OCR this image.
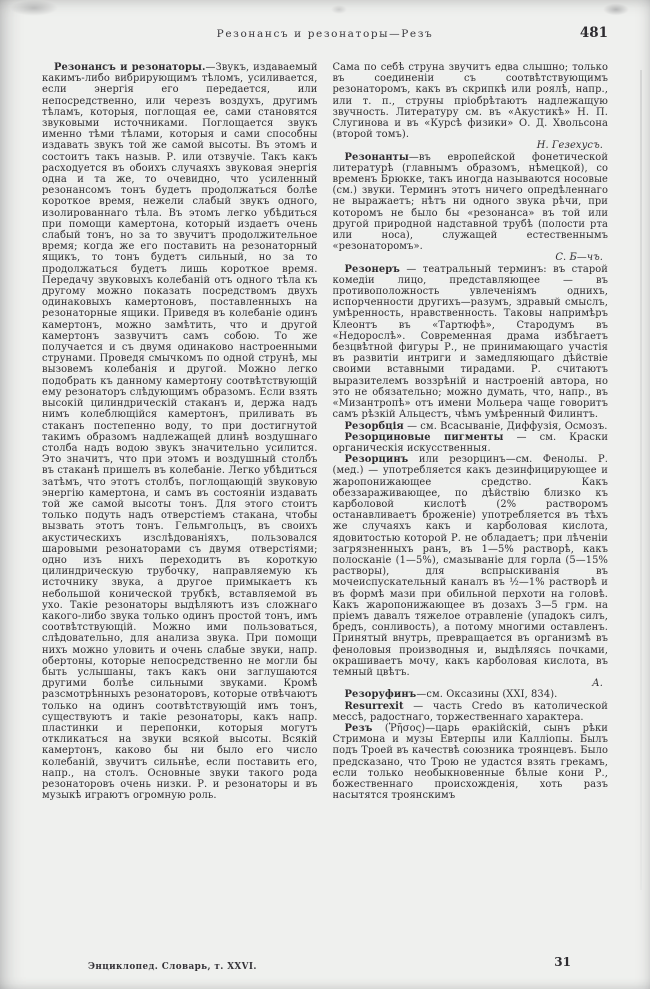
Резонансъ и резонаторы—Резъ	481

Резонансъ и резонаторы.—Звукъ, издаваемый какимъ-либо вибрирующимъ тѣломъ, усиливается, если энергія его передается, или непосредственно, или черезъ воздухъ, другимъ тѣламъ, которыя, поглощая ее, сами становятся звуковыми источниками. Поглощается звукъ именно тѣми тѣлами, которыя и сами способны издавать звукъ той же самой высоты. Въ этомъ и состоитъ такъ назыв. Р. или отзвучіе. Такъ какъ расходуется въ обоихъ случаяхъ звуковая энергія одна и та же, то очевидно, что усиленный резонансомъ тонъ будетъ продолжаться болѣе короткое время, нежели слабый звукъ одного, изолированнаго тѣла. Въ этомъ легко убѣдиться при помощи камертона, который издаетъ очень слабый тонъ, но за то звучитъ продолжительное время; когда же его поставить на резонаторный ящикъ, то тонъ будетъ сильный, но за то продолжаться будетъ лишь короткое время. Передачу звуковыхъ колебаній отъ одного тѣла къ другому можно показать посредствомъ двухъ одинаковыхъ камертоновъ, поставленныхъ на резонаторные ящики. Приведя въ колебаніе одинъ камертонъ, можно замѣтить, что и другой камертонъ зазвучитъ самъ собою. То же получается и съ двумя одинаково настроенными струнами. Проведя смычкомъ по одной струнѣ, мы вызовемъ колебанія и другой. Можно легко подобрать къ данному камертону соотвѣтствующій ему резонаторъ слѣдующимъ образомъ. Если взять высокій цилиндрическій стаканъ и, держа надъ нимъ колеблющійся камертонъ, приливать въ стаканъ постепенно воду, то при достигнутой такимъ образомъ надлежащей длинѣ воздушнаго столба надъ водою звукъ значительно усилится. Это значитъ, что при этомъ и воздушный столбъ въ стаканѣ пришелъ въ колебаніе. Легко убѣдиться затѣмъ, что этотъ столбъ, поглощающій звуковую энергію камертона, и самъ въ состояніи издавать той же самой высоты тонъ. Для этого стоитъ только подуть надъ отверстіемъ стакана, чтобы вызвать этотъ тонъ. Гельмгольцъ, въ своихъ акустическихъ изслѣдованіяхъ, пользовался шаровыми резонаторами съ двумя отверстіями; одно изъ нихъ переходитъ въ короткую цилиндрическую трубочку, направляемую къ источнику звука, а другое примыкаетъ къ небольшой конической трубкѣ, вставляемой въ ухо. Такіе резонаторы выдѣляютъ изъ сложнаго какого-либо звука только одинъ простой тонъ, имъ соотвѣтствующій. Можно ими пользоваться, слѣдовательно, для анализа звука. При помощи нихъ можно уловить и очень слабые звуки, напр. обертоны, которые непосредственно не могли бы быть услышаны, такъ какъ они заглушаются другими болѣе сильными звуками. Кромѣ разсмотрѣнныхъ резонаторовъ, которые отвѣчаютъ только на одинъ соотвѣтствующій имъ тонъ, существуютъ и такіе резонаторы, какъ напр. пластинки и перепонки, которыя могутъ откликаться на звуки всякой высоты. Всякій камертонъ, каково бы ни было его число колебаній, звучитъ сильнѣе, если поставить его, напр., на столъ. Основные звуки такого рода резонаторовъ очень низки. Р. и резонаторы и въ музыкѣ играютъ огромную роль.

Сама по себѣ струна звучитъ едва слышно; только въ соединеніи съ соотвѣтствующимъ резонаторомъ, какъ въ скрипкѣ или роялѣ, напр., или т. п., струны пріобрѣтаютъ надлежащую звучность. Литературу см. въ «Акустикѣ» Н. П. Слугинова и въ «Курсѣ физики» О. Д. Хвольсона (второй томъ).
Н. Гезехусъ.

Резонанты—въ европейской фонетической литературѣ (главнымъ образомъ, нѣмецкой), со временъ Брюкке, такъ иногда называются носовые (см.) звуки. Терминъ этотъ ничего опредѣленнаго не выражаетъ; нѣтъ ни одного звука рѣчи, при которомъ не было бы «резонанса» въ той или другой природной надставной трубѣ (полости рта или носа), служащей естественнымъ «резонаторомъ».
С. Б—чъ.

Резонеръ — театральный терминъ: въ старой комедіи лицо, представляющее — въ противоположность увлеченіямъ однихъ, испорченности другихъ—разумъ, здравый смыслъ, умѣренность, нравственность. Таковы напримѣръ Клеонтъ въ «Тартюфѣ», Стародумъ въ «Недорослѣ». Современная драма избѣгаетъ безцвѣтной фигуры Р., не принимающаго участія въ развитіи интриги и замедляющаго дѣйствіе своими вставными тирадами. Р. считаютъ выразителемъ воззрѣній и настроеній автора, но это не обязательно; можно думать, что, напр., въ «Мизантропѣ» отъ имени Мольера чаще говоритъ самъ рѣзкій Альцестъ, чѣмъ умѣренный Филинтъ.

Резорбція — см. Всасываніе, Диффузія, Осмозъ.

Резорциновые пигменты — см. Краски органическія искусственныя.

Резорцинъ или резорцинъ—см. Фенолы. Р. (мед.) — употребляется какъ дезинфицирующее и жаропонижающее средство. Какъ обеззараживающее, по дѣйствію близко къ карболовой кислотѣ (2% растворомъ останавливаетъ броженіе) употребляется въ тѣхъ же случаяхъ какъ и карболовая кислота, ядовитостью которой Р. не обладаетъ; при лѣченіи загрязненныхъ ранъ, въ 1—5% растворѣ, какъ полосканіе (1—5%), смазываніе для горла (5—15% растворы), для вспрыскиванія въ мочеиспускательный каналъ въ ½—1% растворѣ и въ формѣ мази при обильной перхоти на головѣ. Какъ жаропонижающее въ дозахъ 3—5 грм. на пріемъ давалъ тяжелое отравленіе (упадокъ силъ, бредъ, сонливость), а потому многими оставленъ. Принятый внутрь, превращается въ организмѣ въ феноловыя производныя и, выдѣляясь почками, окрашиваетъ мочу, какъ карболовая кислота, въ темный цвѣтъ.
А.

Резоруфинъ—см. Оксазины (XXI, 834).

Resurrexit — часть Credo въ католической мессѣ, радостнаго, торжественнаго характера.

Резъ (Ῥῆσος)—царь ѳракійскій, сынъ рѣки Стримона и музы Евтерпы или Калліопы. Былъ подъ Троей въ качествѣ союзника троянцевъ. Было предсказано, что Трою не удастся взять грекамъ, если только необыкновенные бѣлые кони Р., божественнаго происхожденія, хоть разъ насытятся троянскимъ

Энциклопед. Словарь, т. XXVI.	31
